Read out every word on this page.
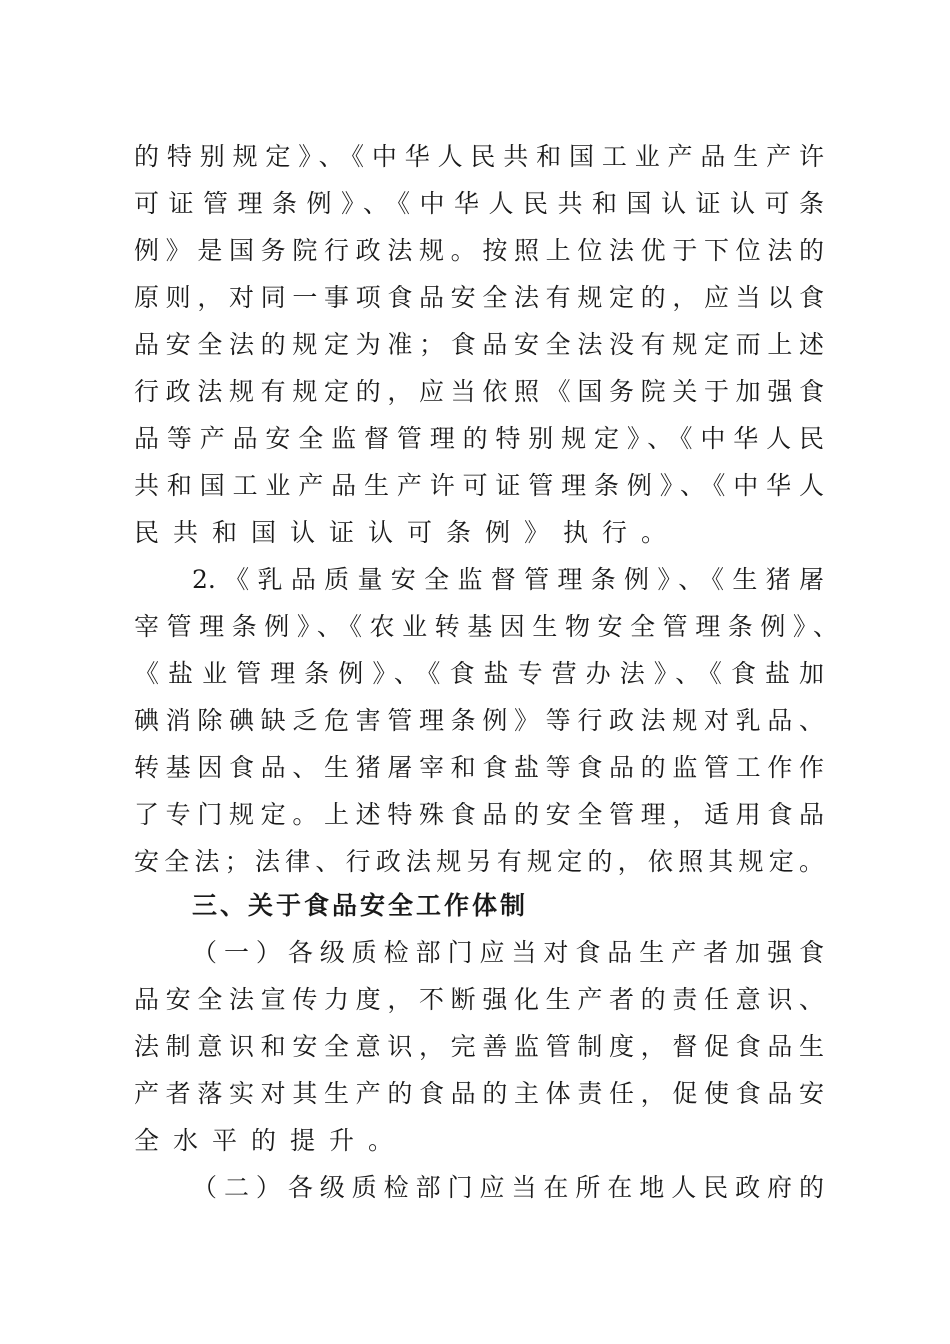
的特别规定》、《中华人民共和国工业产品生产许
可证管理条例》、《中华人民共和国认证认可条
例》是国务院行政法规。按照上位法优于下位法的
原则，对同一事项食品安全法有规定的，应当以食
品安全法的规定为准；食品安全法没有规定而上述
行政法规有规定的，应当依照《国务院关于加强食
品等产品安全监督管理的特别规定》、《中华人民
共和国工业产品生产许可证管理条例》、《中华人
民共和国认证认可条例》执行。
2.《乳品质量安全监督管理条例》、《生猪屠
宰管理条例》、《农业转基因生物安全管理条例》、
《盐业管理条例》、《食盐专营办法》、《食盐加
碘消除碘缺乏危害管理条例》等行政法规对乳品、
转基因食品、生猪屠宰和食盐等食品的监管工作作
了专门规定。上述特殊食品的安全管理，适用食品
安全法；法律、行政法规另有规定的，依照其规定。
三、关于食品安全工作体制
（一）各级质检部门应当对食品生产者加强食
品安全法宣传力度，不断强化生产者的责任意识、
法制意识和安全意识，完善监管制度，督促食品生
产者落实对其生产的食品的主体责任，促使食品安
全水平的提升。
（二）各级质检部门应当在所在地人民政府的
